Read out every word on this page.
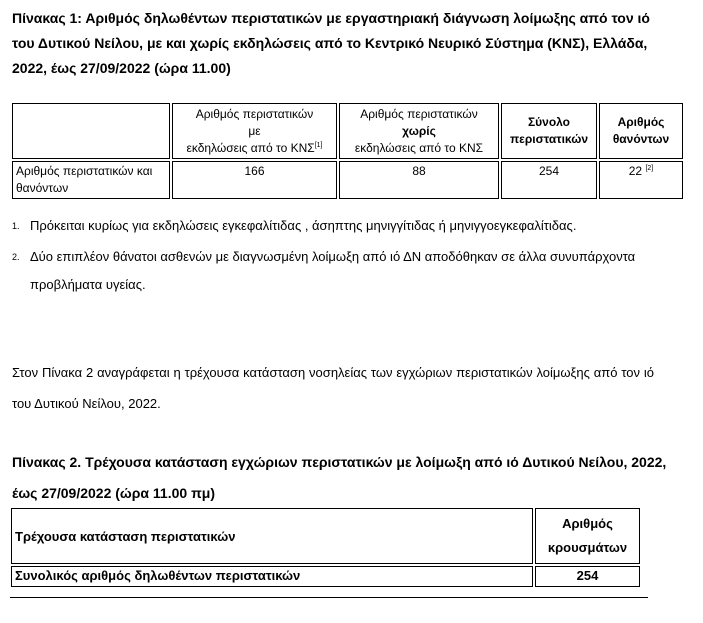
Πίνακας 1: Αριθμός δηλωθέντων περιστατικών με εργαστηριακή διάγνωση λοίμωξης από τον ιό του Δυτικού Νείλου, με και χωρίς εκδηλώσεις από το Κεντρικό Νευρικό Σύστημα (ΚΝΣ), Ελλάδα, 2022, έως 27/09/2022 (ώρα 11.00)
	Αριθμός περιστατικών
με
εκδηλώσεις από το ΚΝΣ[1]	Αριθμός περιστατικών
χωρίς
εκδηλώσεις από το ΚΝΣ	Σύνολο περιστατικών	Αριθμός θανόντων
Αριθμός περιστατικών και θανόντων	166	88	254	22 [2]
1. Πρόκειται κυρίως για εκδηλώσεις εγκεφαλίτιδας , άσηπτης μηνιγγίτιδας ή μηνιγγοεγκεφαλίτιδας.
2. Δύο επιπλέον θάνατοι ασθενών με διαγνωσμένη λοίμωξη από ιό ΔΝ αποδόθηκαν σε άλλα συνυπάρχοντα προβλήματα υγείας.
Στον Πίνακα 2 αναγράφεται η τρέχουσα κατάσταση νοσηλείας των εγχώριων περιστατικών λοίμωξης από τον ιό του Δυτικού Νείλου, 2022.
Πίνακας 2. Τρέχουσα κατάσταση εγχώριων περιστατικών με λοίμωξη από ιό Δυτικού Νείλου, 2022, έως 27/09/2022 (ώρα 11.00 πμ)
Τρέχουσα κατάσταση περιστατικών	Αριθμός κρουσμάτων
Συνολικός αριθμός δηλωθέντων περιστατικών	254
